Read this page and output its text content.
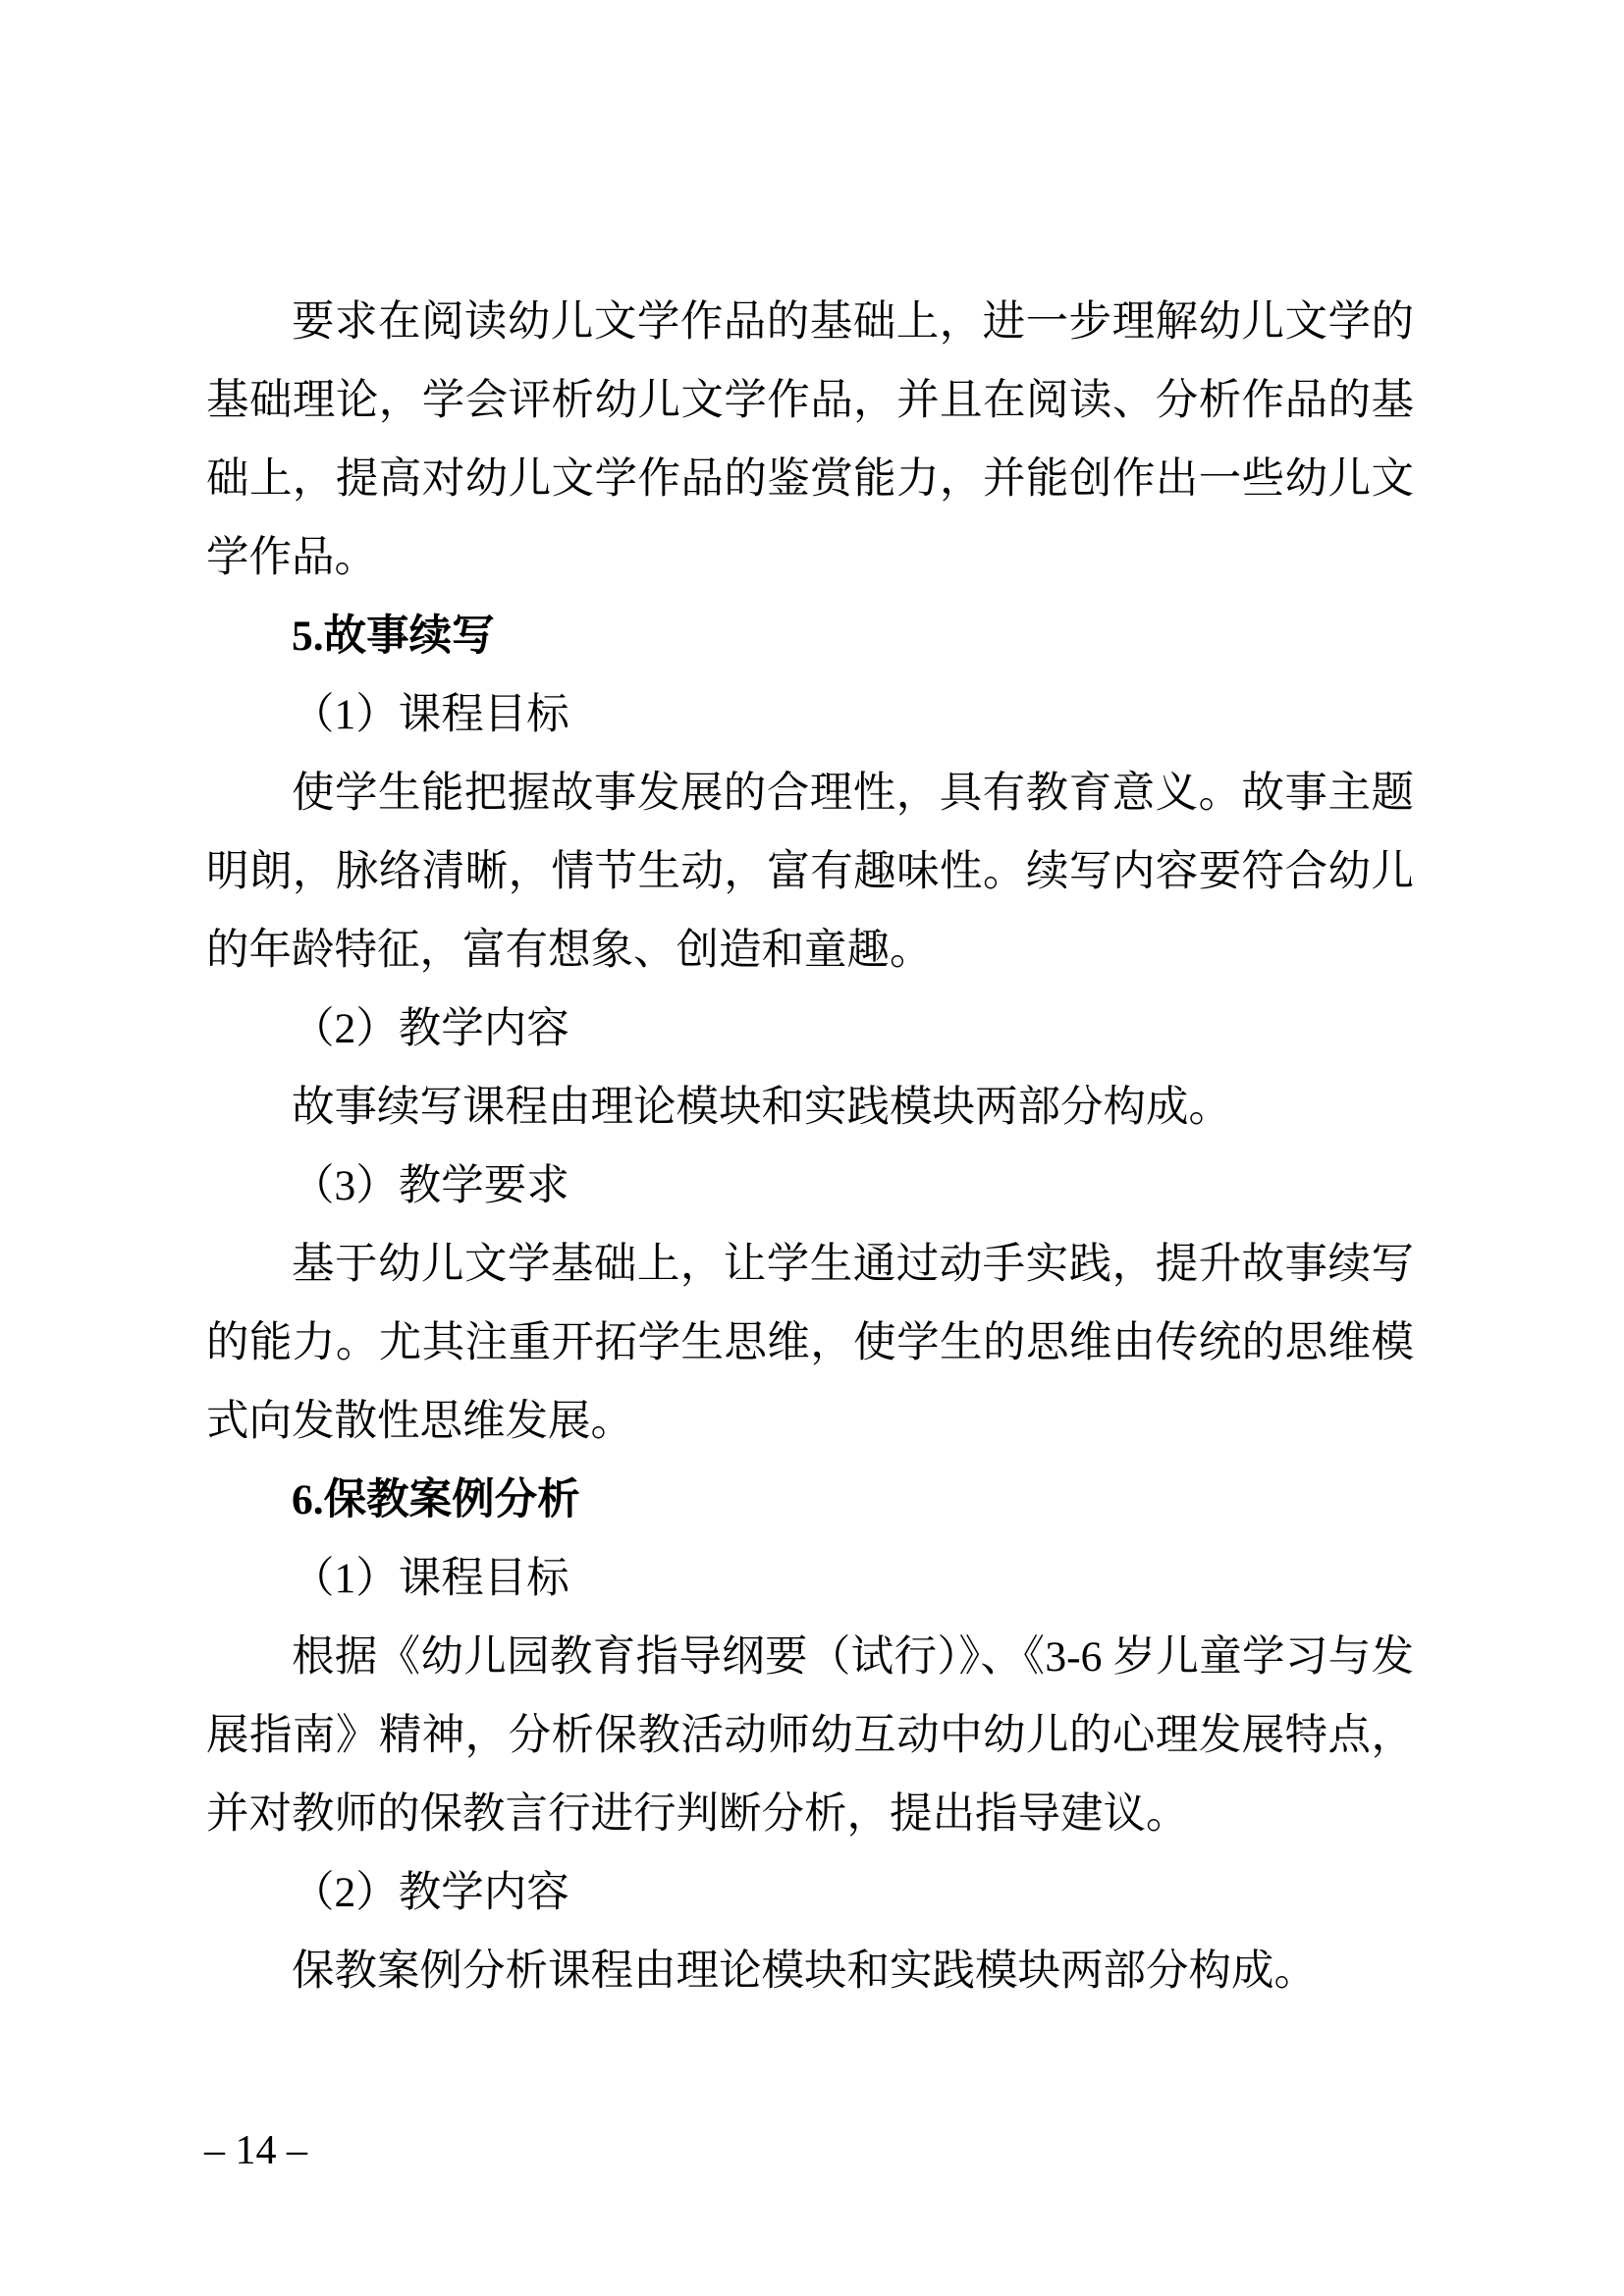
要求在阅读幼儿文学作品的基础上，进一步理解幼儿文学的基础理论，学会评析幼儿文学作品，并且在阅读、分析作品的基础上，提高对幼儿文学作品的鉴赏能力，并能创作出一些幼儿文学作品。

5.故事续写

（1）课程目标

使学生能把握故事发展的合理性，具有教育意义。故事主题明朗，脉络清晰，情节生动，富有趣味性。续写内容要符合幼儿的年龄特征，富有想象、创造和童趣。

（2）教学内容

故事续写课程由理论模块和实践模块两部分构成。

（3）教学要求

基于幼儿文学基础上，让学生通过动手实践，提升故事续写的能力。尤其注重开拓学生思维，使学生的思维由传统的思维模式向发散性思维发展。

6.保教案例分析

（1）课程目标

根据《幼儿园教育指导纲要（试行）》、《3-6 岁儿童学习与发展指南》精神，分析保教活动师幼互动中幼儿的心理发展特点，并对教师的保教言行进行判断分析，提出指导建议。

（2）教学内容

保教案例分析课程由理论模块和实践模块两部分构成。

– 14 –
